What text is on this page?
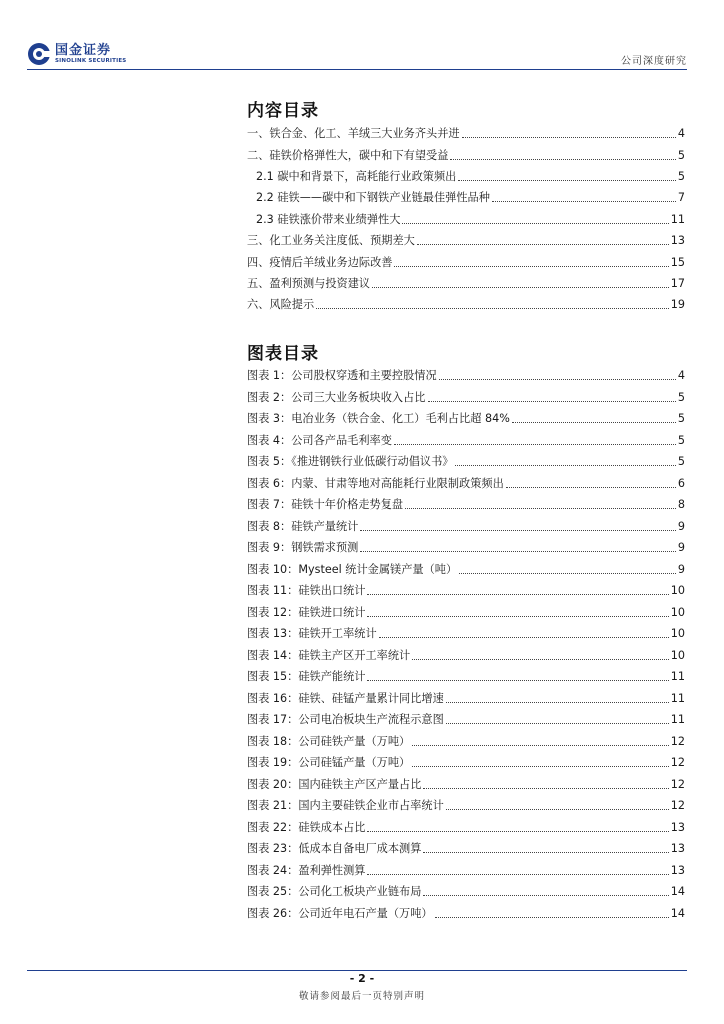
国金证券
SINOLINK SECURITIES	公司深度研究
内容目录
一、铁合金、化工、羊绒三大业务齐头并进	4
二、硅铁价格弹性大，碳中和下有望受益	5
2.1 碳中和背景下，高耗能行业政策频出	5
2.2 硅铁——碳中和下钢铁产业链最佳弹性品种	7
2.3 硅铁涨价带来业绩弹性大	11
三、化工业务关注度低、预期差大	13
四、疫情后羊绒业务边际改善	15
五、盈利预测与投资建议	17
六、风险提示	19
图表目录
图表 1：公司股权穿透和主要控股情况	4
图表 2：公司三大业务板块收入占比	5
图表 3：电冶业务（铁合金、化工）毛利占比超 84%	5
图表 4：公司各产品毛利率变	5
图表 5：《推进钢铁行业低碳行动倡议书》	5
图表 6：内蒙、甘肃等地对高能耗行业限制政策频出	6
图表 7：硅铁十年价格走势复盘	8
图表 8：硅铁产量统计	9
图表 9：钢铁需求预测	9
图表 10：Mysteel 统计金属镁产量（吨）	9
图表 11：硅铁出口统计	10
图表 12：硅铁进口统计	10
图表 13：硅铁开工率统计	10
图表 14：硅铁主产区开工率统计	10
图表 15：硅铁产能统计	11
图表 16：硅铁、硅锰产量累计同比增速	11
图表 17：公司电冶板块生产流程示意图	11
图表 18：公司硅铁产量（万吨）	12
图表 19：公司硅锰产量（万吨）	12
图表 20：国内硅铁主产区产量占比	12
图表 21：国内主要硅铁企业市占率统计	12
图表 22：硅铁成本占比	13
图表 23：低成本自备电厂成本测算	13
图表 24：盈利弹性测算	13
图表 25：公司化工板块产业链布局	14
图表 26：公司近年电石产量（万吨）	14
- 2 -
敬请参阅最后一页特别声明
